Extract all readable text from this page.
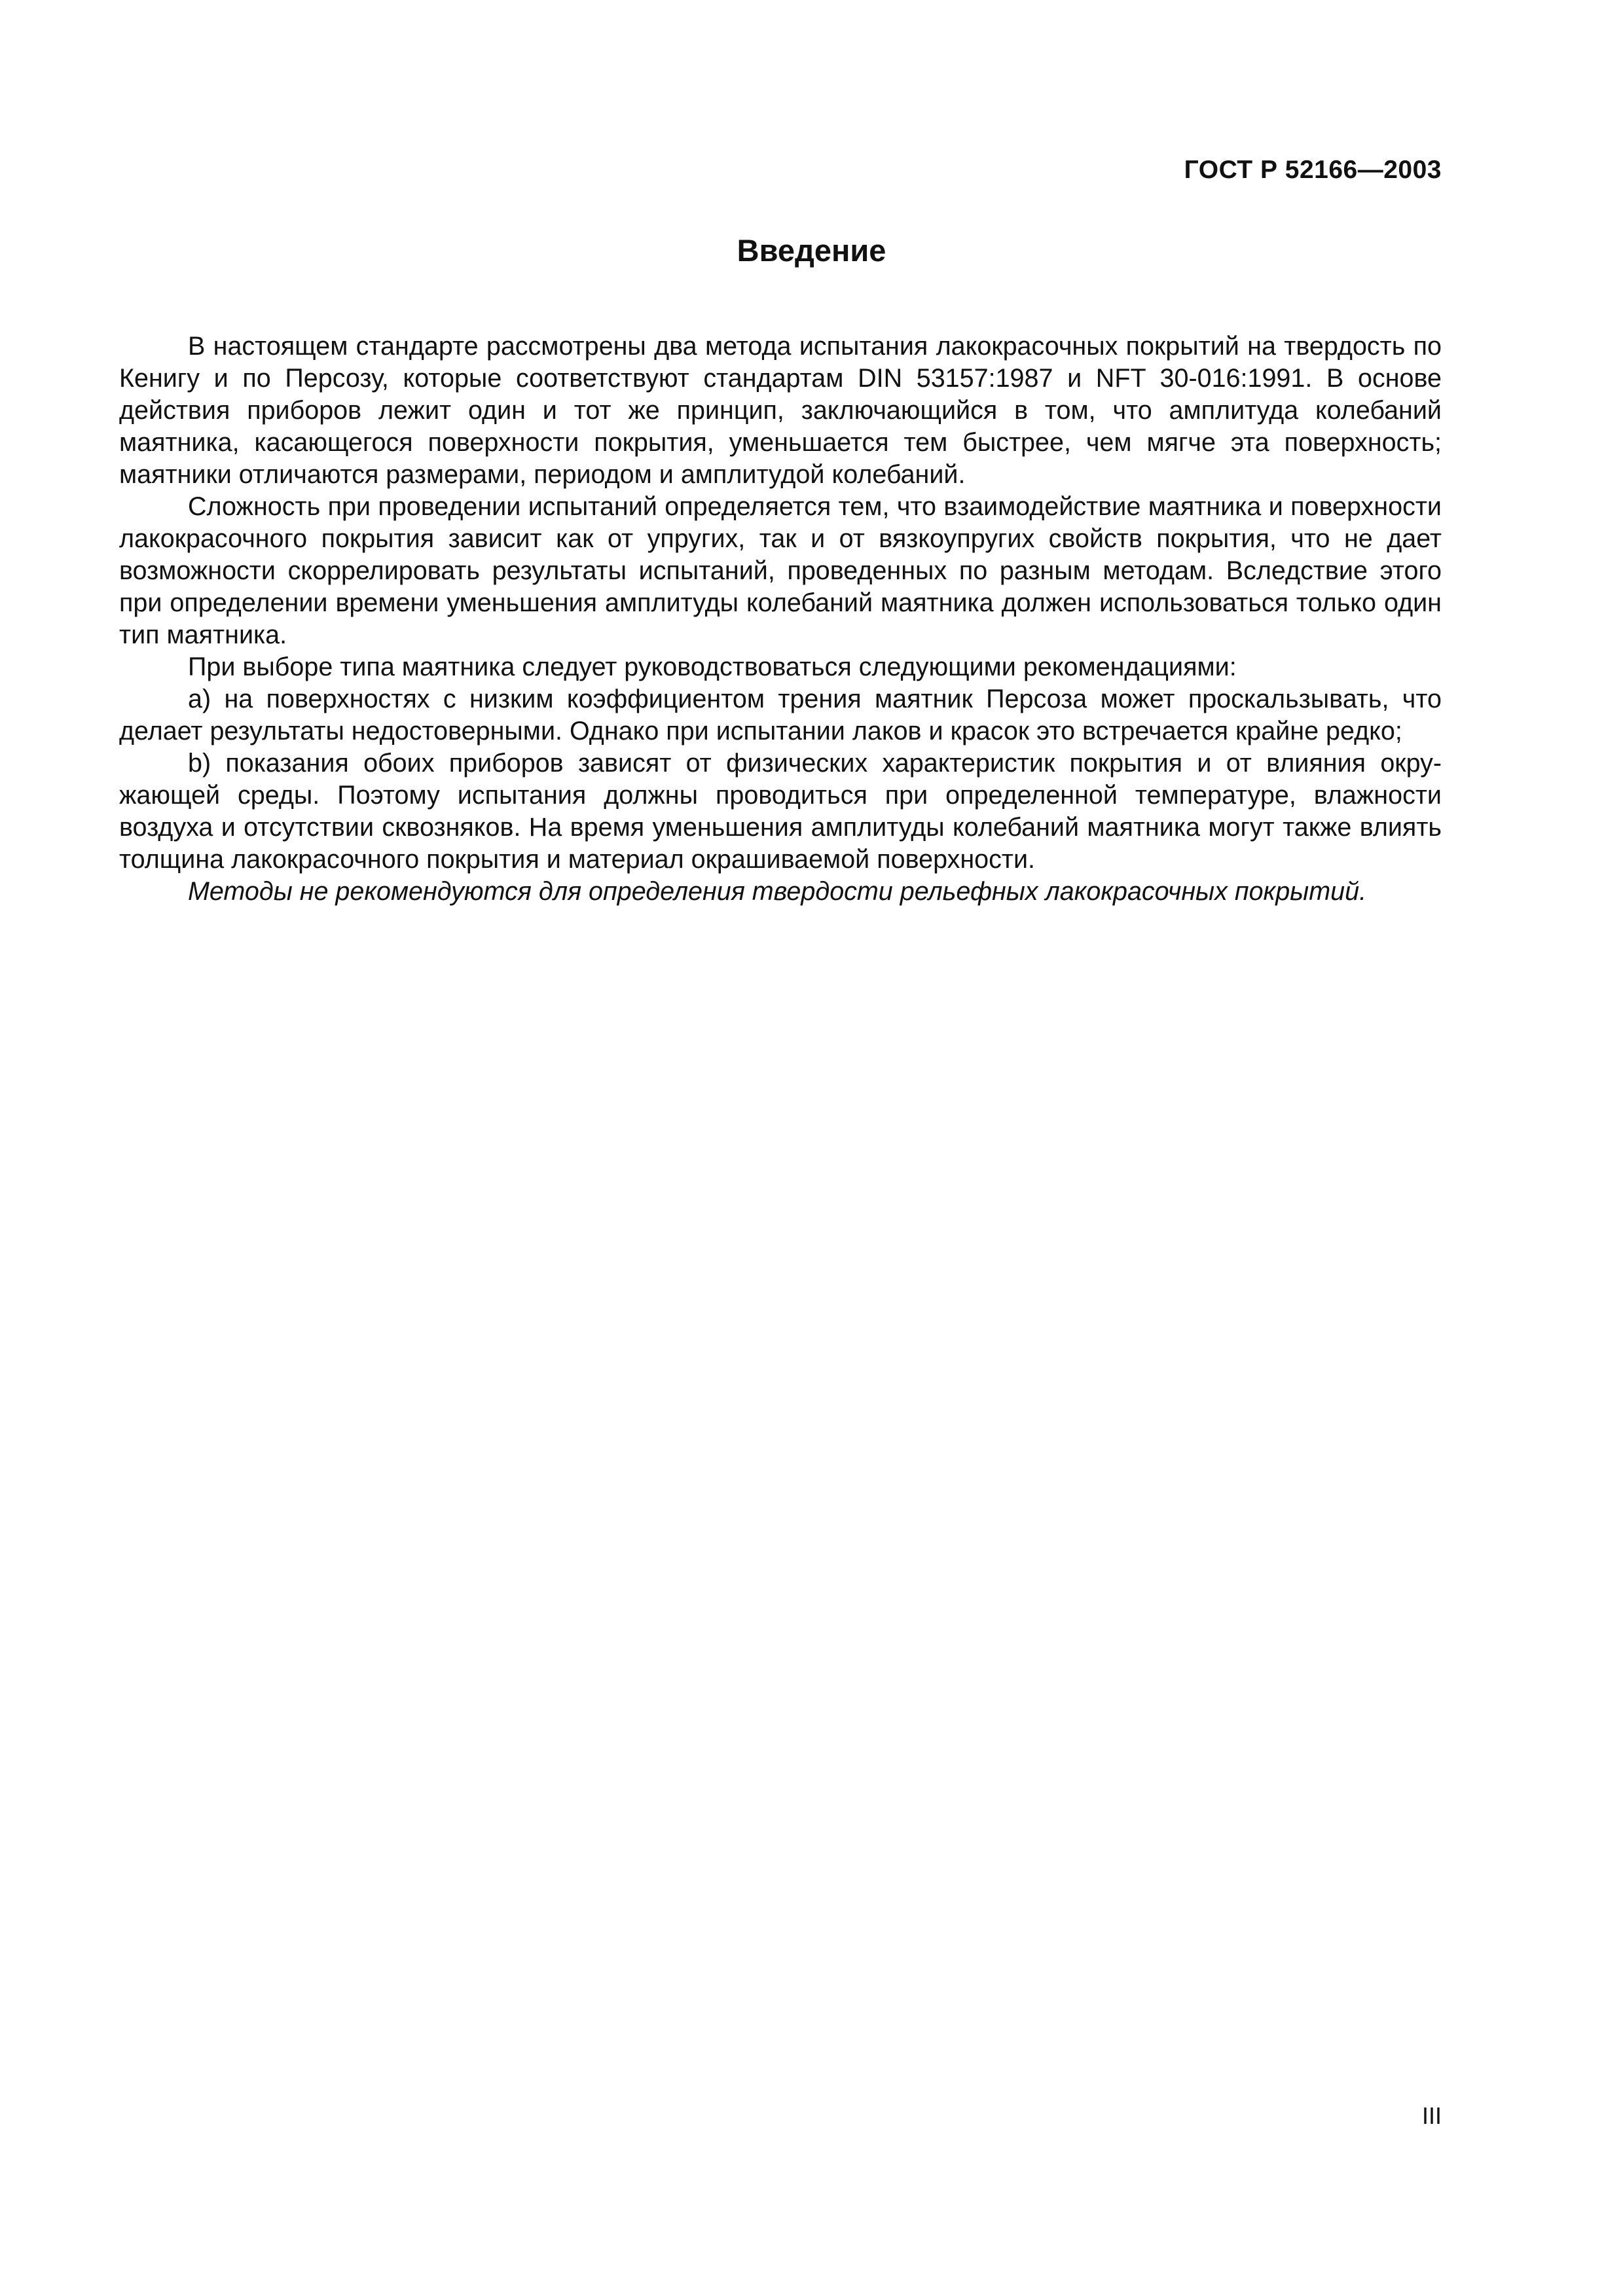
ГОСТ Р 52166—2003
Введение

В настоящем стандарте рассмотрены два метода испытания лакокрасочных покрытий на твердость по Кенигу и по Персозу, которые соответствуют стандартам DIN 53157:1987 и NFT 30-016:1991. В основе действия приборов лежит один и тот же принцип, заключающийся в том, что амплитуда колебаний маятника, касающегося поверхности покрытия, уменьшается тем быстрее, чем мягче эта поверхность; маятники отличаются размерами, периодом и амплитудой колебаний.

Сложность при проведении испытаний определяется тем, что взаимодействие маятника и поверхности лакокрасочного покрытия зависит как от упругих, так и от вязкоупругих свойств покрытия, что не дает возможности скоррелировать результаты испытаний, проведенных по разным методам. Вследствие этого при определении времени уменьшения амплитуды колебаний маятника должен использоваться только один тип маятника.

При выборе типа маятника следует руководствоваться следующими рекомендациями:

a) на поверхностях с низким коэффициентом трения маятник Персоза может проскальзывать, что делает результаты недостоверными. Однако при испытании лаков и красок это встречается крайне редко;

b) показания обоих приборов зависят от физических характеристик покрытия и от влияния окружающей среды. Поэтому испытания должны проводиться при определенной температуре, влажности воздуха и отсутствии сквозняков. На время уменьшения амплитуды колебаний маятника могут также влиять толщина лакокрасочного покрытия и материал окрашиваемой поверхности.

Методы не рекомендуются для определения твердости рельефных лакокрасочных покрытий.

III
